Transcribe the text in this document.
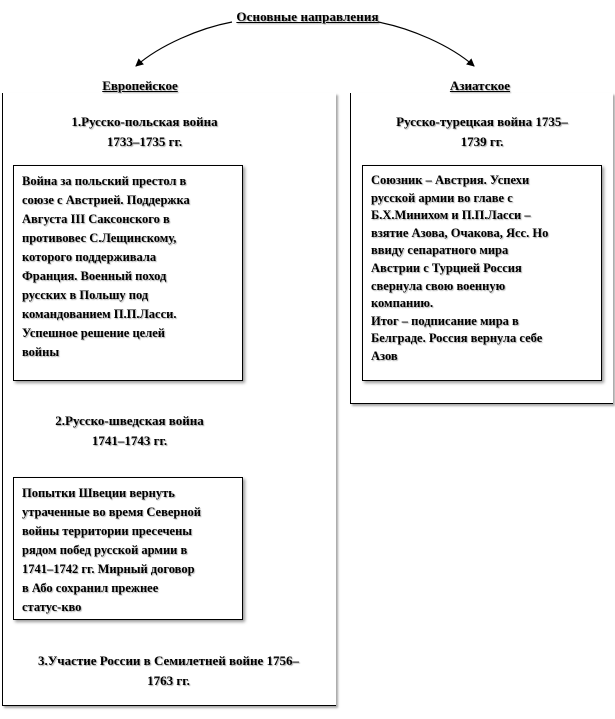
Основные направления
Европейское	Азиатское
1.Русско-польская война
1733–1735 гг.
Война за польский престол в
союзе с Австрией. Поддержка
Августа III Саксонского в
противовес С.Лещинскому,
которого поддерживала
Франция. Военный поход
русских в Польшу под
командованием П.П.Ласси.
Успешное решение целей
войны
2.Русско-шведская война
1741–1743 гг.
Попытки Швеции вернуть
утраченные во время Северной
войны территории пресечены
рядом побед русской армии в
1741–1742 гг. Мирный договор
в Або сохранил прежнее
статус-кво
3.Участие России в Семилетней войне 1756–
1763 гг.
Русско-турецкая война 1735–
1739 гг.
Союзник – Австрия. Успехи
русской армии во главе с
Б.Х.Минихом и П.П.Ласси –
взятие Азова, Очакова, Ясс. Но
ввиду сепаратного мира
Австрии с Турцией Россия
свернула свою военную
компанию.
Итог – подписание мира в
Белграде. Россия вернула себе
Азов
